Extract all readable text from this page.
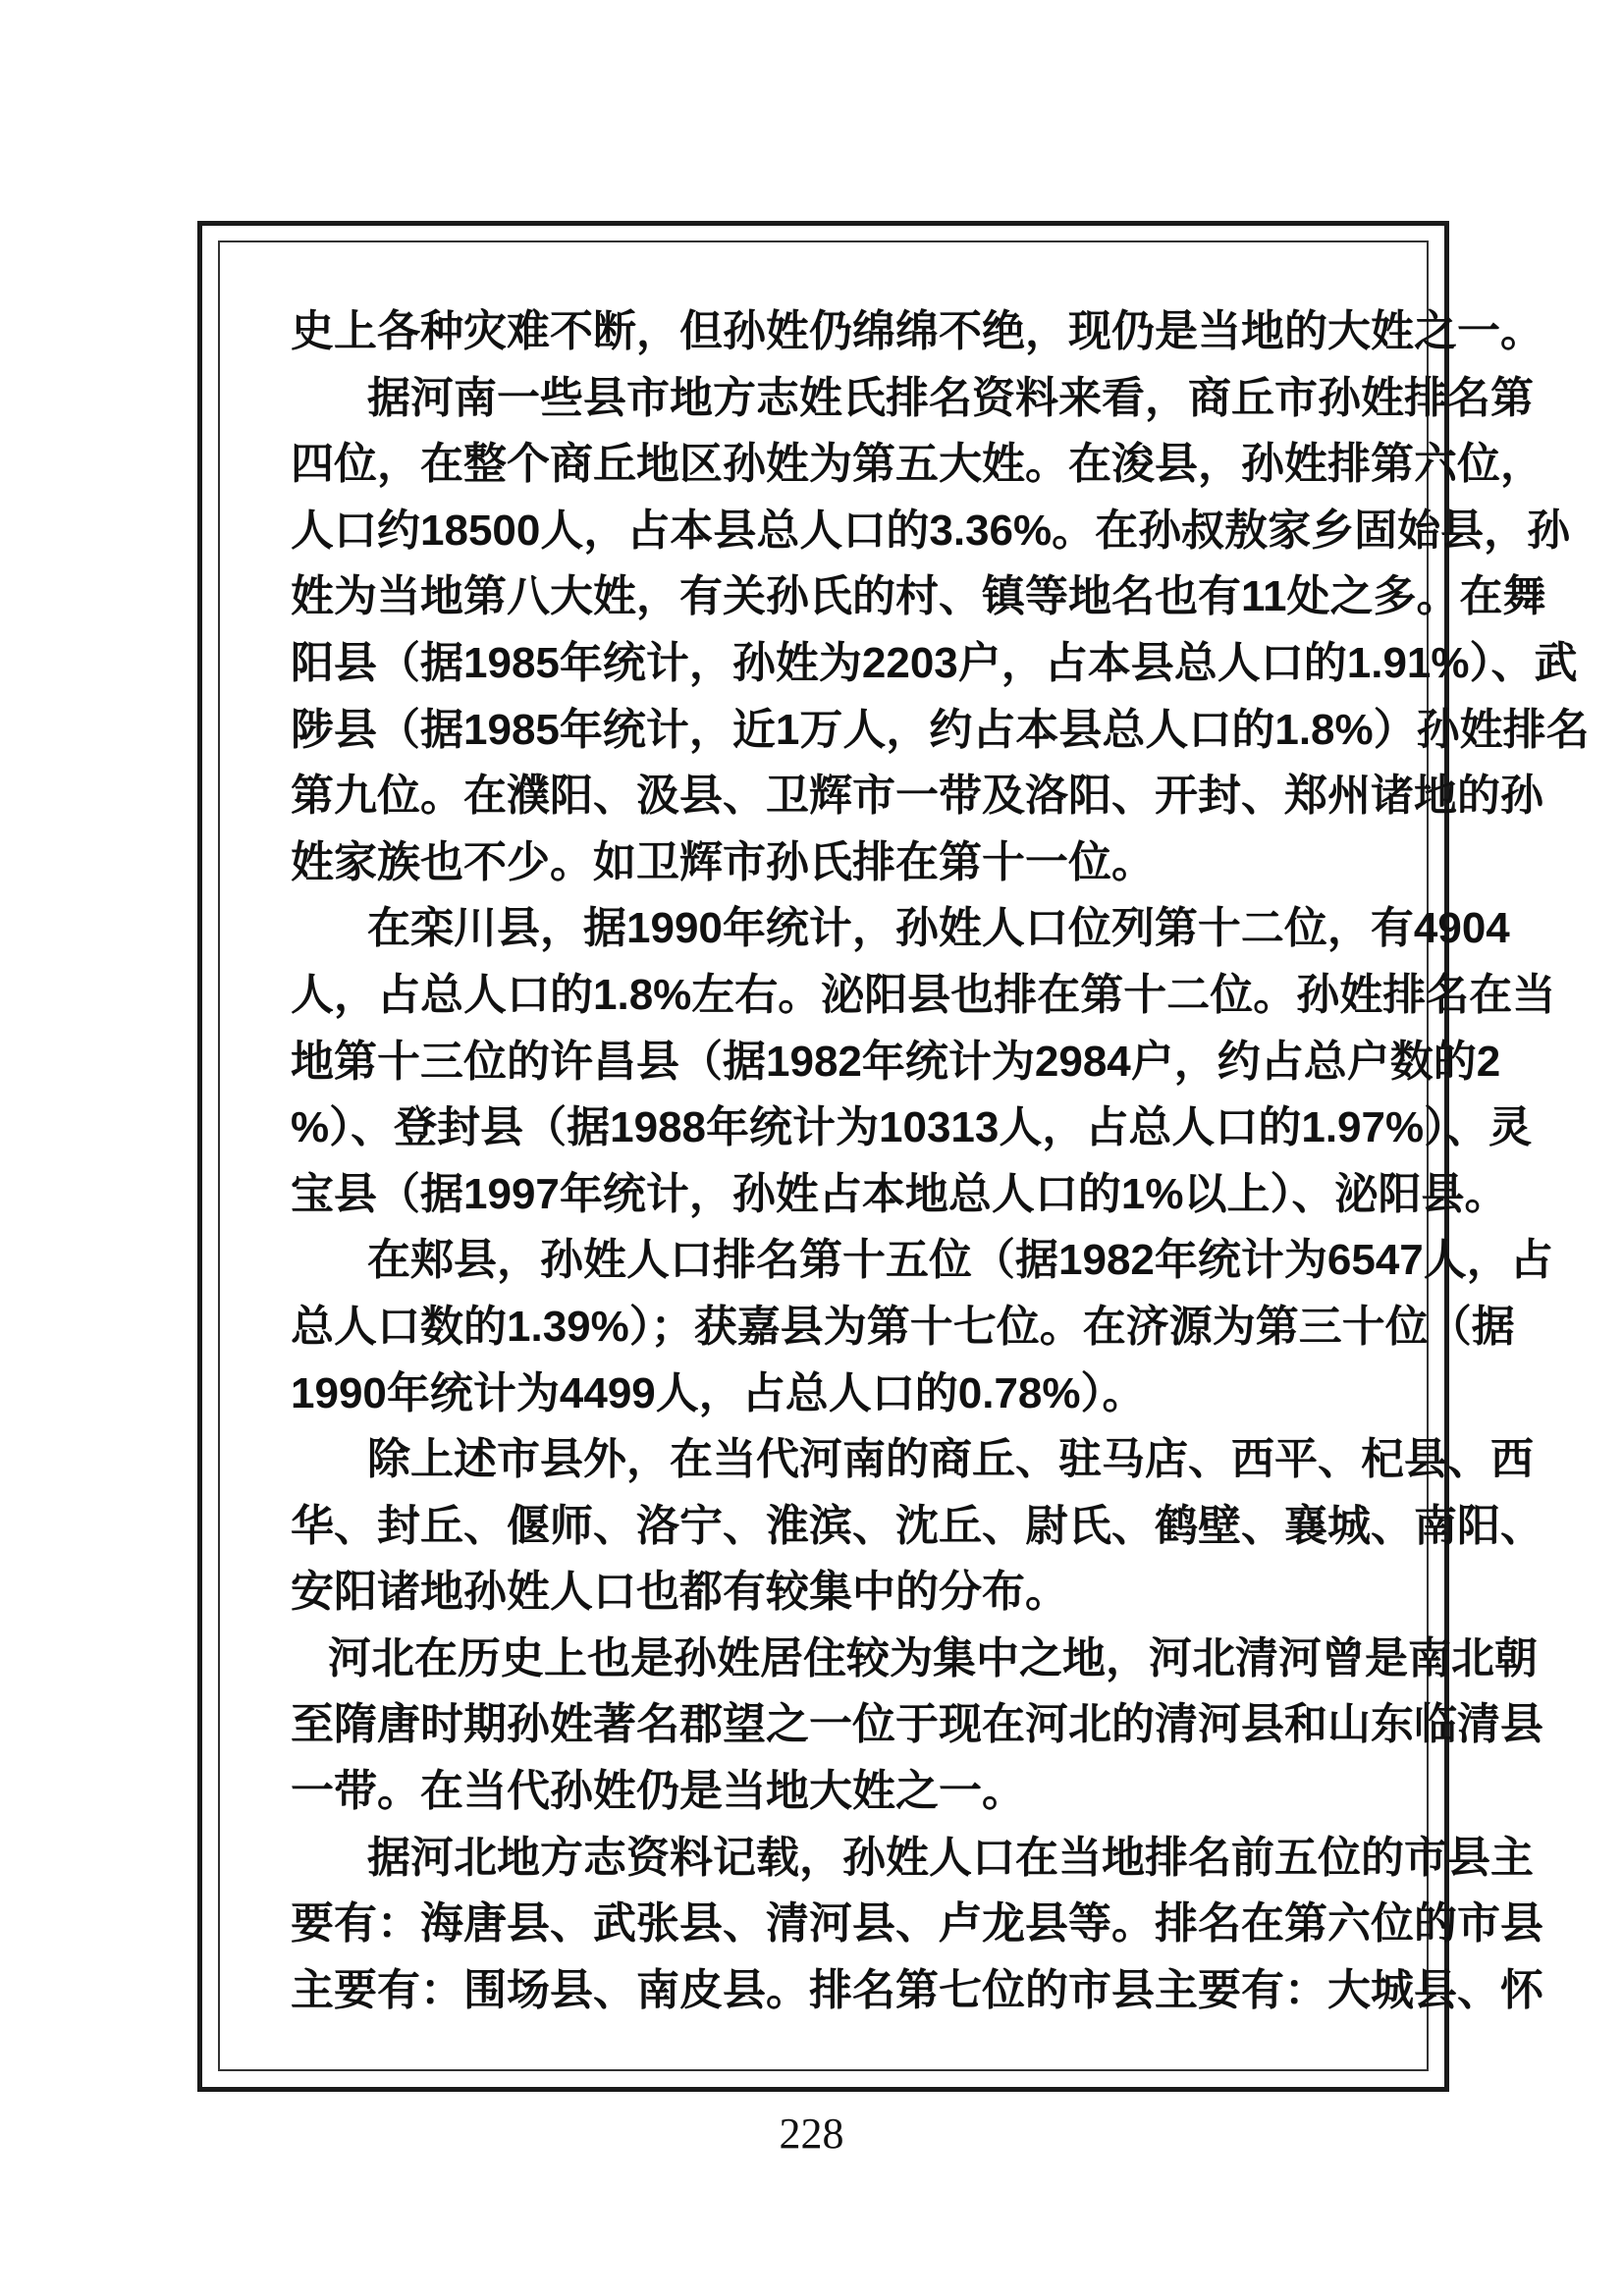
史上各种灾难不断，但孙姓仍绵绵不绝，现仍是当地的大姓之一。
据河南一些县市地方志姓氏排名资料来看，商丘市孙姓排名第
四位，在整个商丘地区孙姓为第五大姓。在浚县，孙姓排第六位，
人口约18500人，占本县总人口的3.36%。在孙叔敖家乡固始县，孙
姓为当地第八大姓，有关孙氏的村、镇等地名也有11处之多。在舞
阳县（据1985年统计，孙姓为2203户，占本县总人口的1.91%）、武
陟县（据1985年统计，近1万人，约占本县总人口的1.8%）孙姓排名
第九位。在濮阳、汲县、卫辉市一带及洛阳、开封、郑州诸地的孙
姓家族也不少。如卫辉市孙氏排在第十一位。
在栾川县，据1990年统计，孙姓人口位列第十二位，有4904
人，占总人口的1.8%左右。泌阳县也排在第十二位。孙姓排名在当
地第十三位的许昌县（据1982年统计为2984户，约占总户数的2
%）、登封县（据1988年统计为10313人，占总人口的1.97%）、灵
宝县（据1997年统计，孙姓占本地总人口的1%以上）、泌阳县。
在郏县，孙姓人口排名第十五位（据1982年统计为6547人，占
总人口数的1.39%）；获嘉县为第十七位。在济源为第三十位（据
1990年统计为4499人，占总人口的0.78%）。
除上述市县外，在当代河南的商丘、驻马店、西平、杞县、西
华、封丘、偃师、洛宁、淮滨、沈丘、尉氏、鹤壁、襄城、南阳、
安阳诸地孙姓人口也都有较集中的分布。
河北在历史上也是孙姓居住较为集中之地，河北清河曾是南北朝
至隋唐时期孙姓著名郡望之一位于现在河北的清河县和山东临清县
一带。在当代孙姓仍是当地大姓之一。
据河北地方志资料记载，孙姓人口在当地排名前五位的市县主
要有：海唐县、武张县、清河县、卢龙县等。排名在第六位的市县
主要有：围场县、南皮县。排名第七位的市县主要有：大城县、怀
228
